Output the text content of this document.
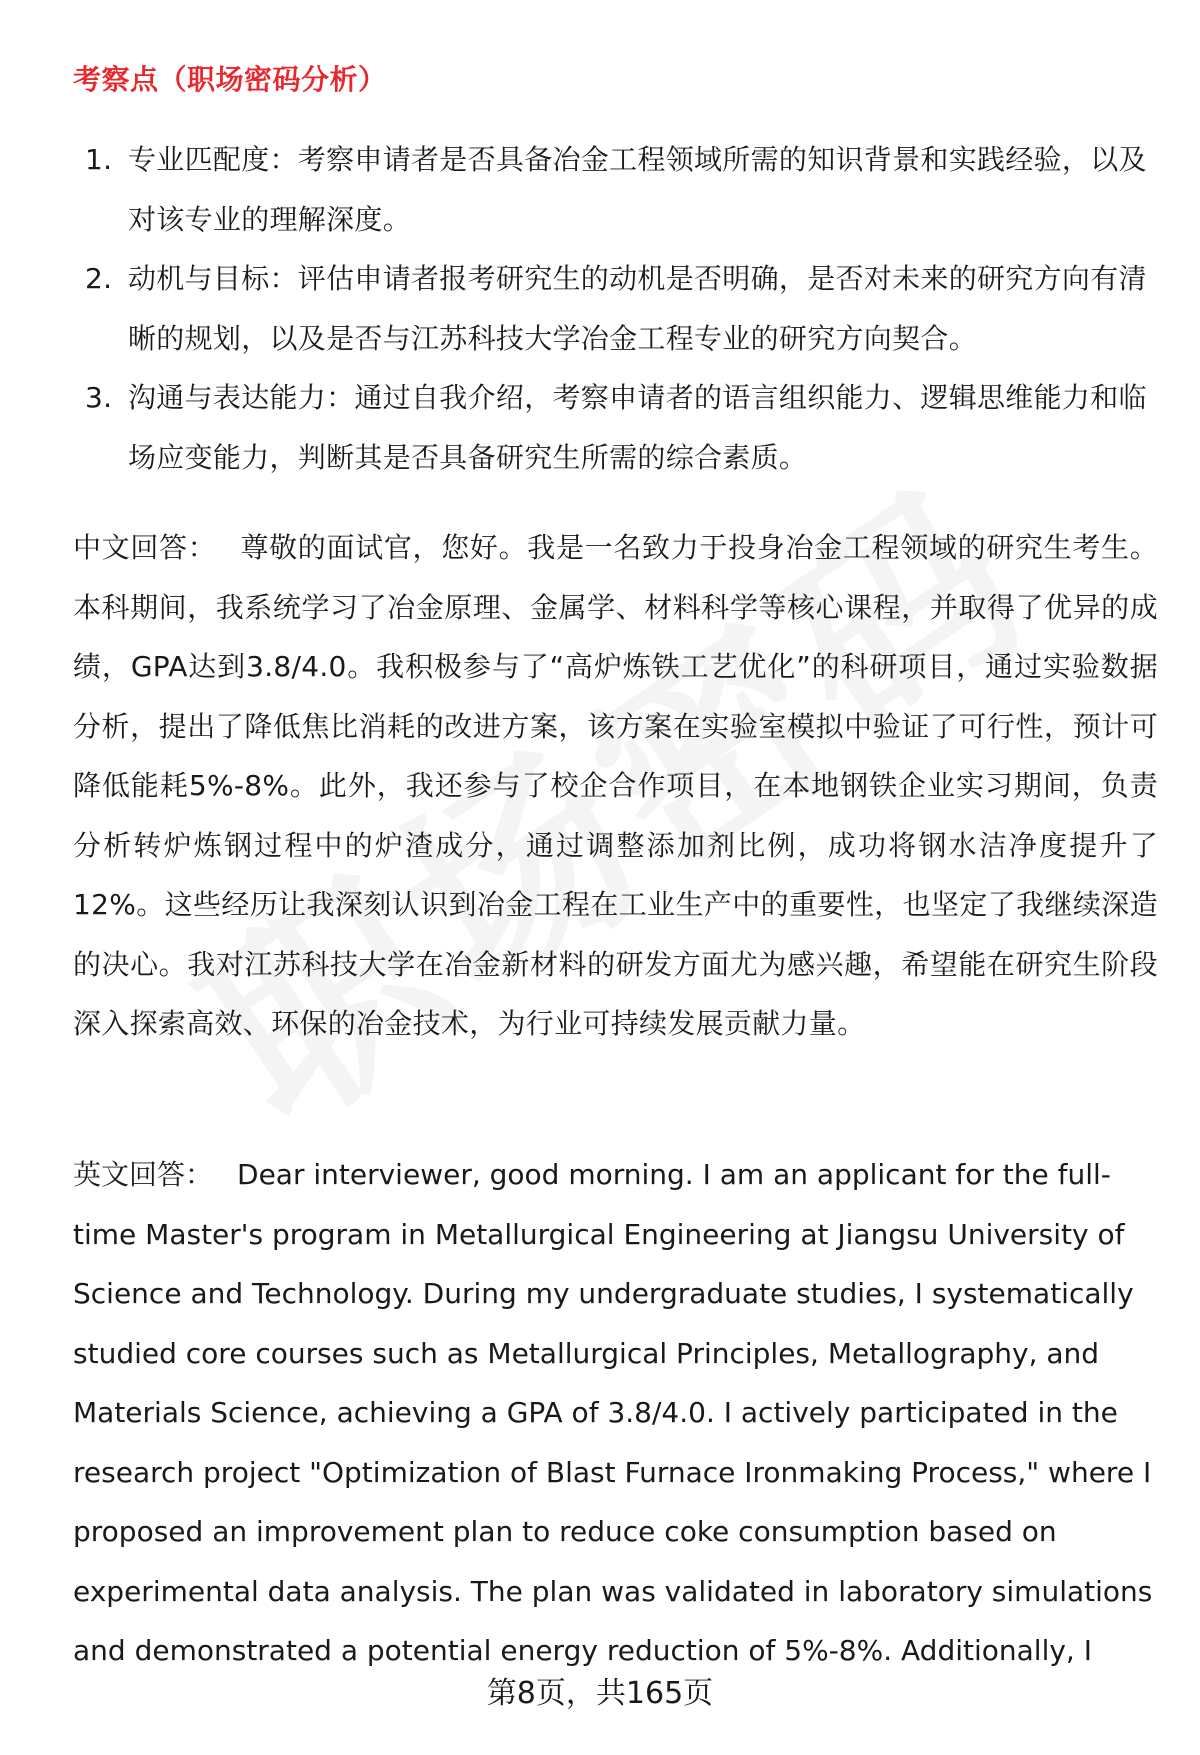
考察点（职场密码分析）
1. 专业匹配度：考察申请者是否具备冶金工程领域所需的知识背景和实践经验，以及对该专业的理解深度。
2. 动机与目标：评估申请者报考研究生的动机是否明确，是否对未来的研究方向有清晰的规划，以及是否与江苏科技大学冶金工程专业的研究方向契合。
3. 沟通与表达能力：通过自我介绍，考察申请者的语言组织能力、逻辑思维能力和临场应变能力，判断其是否具备研究生所需的综合素质。

中文回答： 尊敬的面试官，您好。我是一名致力于投身冶金工程领域的研究生考生。本科期间，我系统学习了冶金原理、金属学、材料科学等核心课程，并取得了优异的成绩，GPA达到3.8/4.0。我积极参与了“高炉炼铁工艺优化”的科研项目，通过实验数据分析，提出了降低焦比消耗的改进方案，该方案在实验室模拟中验证了可行性，预计可降低能耗5%-8%。此外，我还参与了校企合作项目，在本地钢铁企业实习期间，负责分析转炉炼钢过程中的炉渣成分，通过调整添加剂比例，成功将钢水洁净度提升了12%。这些经历让我深刻认识到冶金工程在工业生产中的重要性，也坚定了我继续深造的决心。我对江苏科技大学在冶金新材料的研发方面尤为感兴趣，希望能在研究生阶段深入探索高效、环保的冶金技术，为行业可持续发展贡献力量。

英文回答： Dear interviewer, good morning. I am an applicant for the full-time Master's program in Metallurgical Engineering at Jiangsu University of Science and Technology. During my undergraduate studies, I systematically studied core courses such as Metallurgical Principles, Metallography, and Materials Science, achieving a GPA of 3.8/4.0. I actively participated in the research project "Optimization of Blast Furnace Ironmaking Process," where I proposed an improvement plan to reduce coke consumption based on experimental data analysis. The plan was validated in laboratory simulations and demonstrated a potential energy reduction of 5%-8%. Additionally, I

第8页，共165页
